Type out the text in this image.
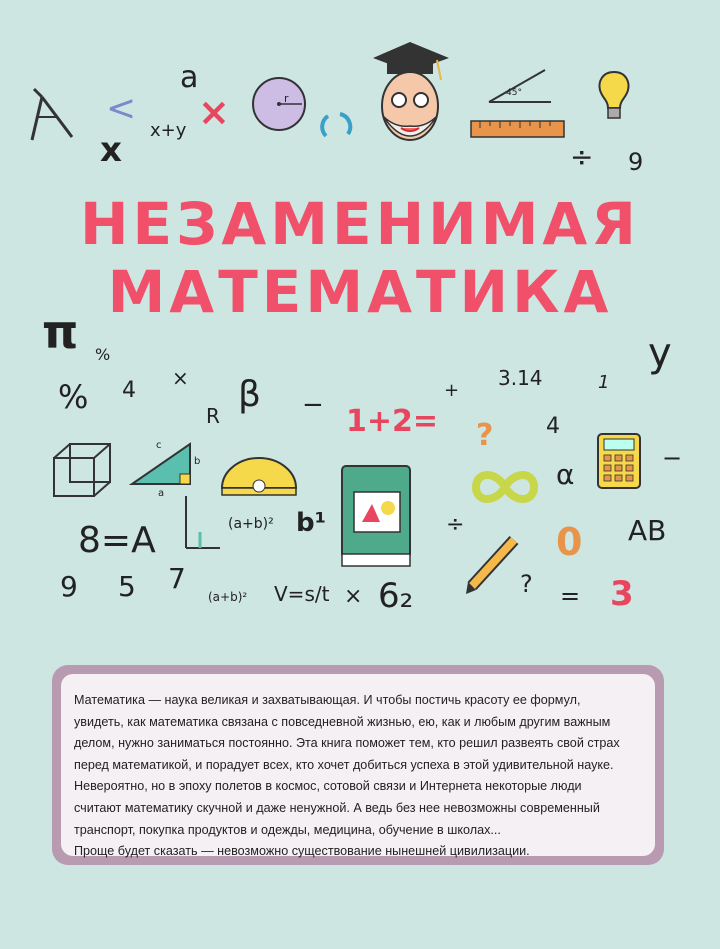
a
<
x x+y ×	r	45°
÷ 9
НЕЗАМЕНИМАЯ
МАТЕМАТИКА
π %
% 4 ×
R
β − 1+2=
+
3.14	1
y
? 4
α	−
c
b
a
8=A	(a+b)² b¹	÷ 0 AB
9 5 7
(a+b)² V=s/t × 6₂	? = 3
Математика — наука великая и захватывающая. И чтобы постичь красоту ее формул,
увидеть, как математика связана с повседневной жизнью, ею, как и любым другим важным
делом, нужно заниматься постоянно. Эта книга поможет тем, кто решил развеять свой страх
перед математикой, и порадует всех, кто хочет добиться успеха в этой удивительной науке.
Невероятно, но в эпоху полетов в космос, сотовой связи и Интернета некоторые люди
считают математику скучной и даже ненужной. А ведь без нее невозможны современный
транспорт, покупка продуктов и одежды, медицина, обучение в школах...
Проще будет сказать — невозможно существование нынешней цивилизации.
